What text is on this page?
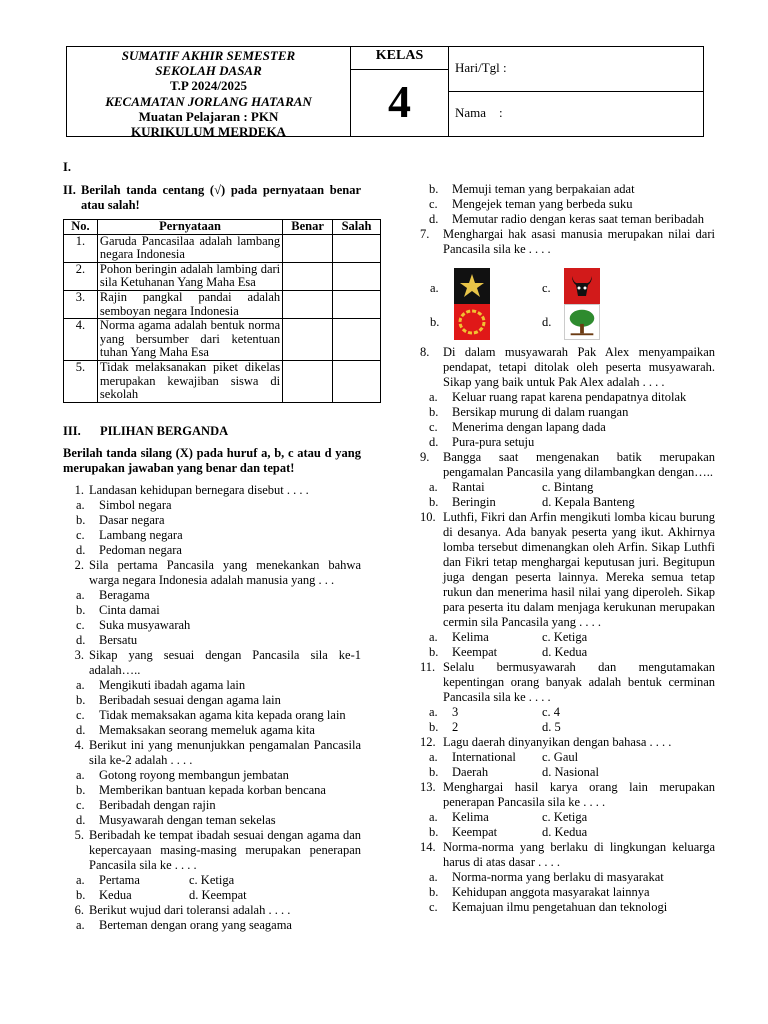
SUMATIF AKHIR SEMESTER
SEKOLAH DASAR
T.P 2024/2025
KECAMATAN JORLANG HATARAN
Muatan Pelajaran : PKN
KURIKULUM MERDEKA
KELAS
4
Hari/Tgl :
Nama    :
I.
II. Berilah tanda centang (√) pada pernyataan benar atau salah!
No.	Pernyataan	Benar	Salah
1.	Garuda Pancasilaa adalah lambang negara Indonesia		
2.	Pohon beringin adalah lambing dari sila Ketuhanan Yang Maha Esa		
3.	Rajin pangkal pandai adalah semboyan negara Indonesia		
4.	Norma agama adalah bentuk norma yang bersumber dari ketentuan tuhan Yang Maha Esa		
5.	Tidak melaksanakan piket dikelas merupakan kewajiban siswa di sekolah		
III.	PILIHAN BERGANDA
Berilah tanda silang (X) pada huruf a, b, c atau d yang merupakan jawaban yang benar dan tepat!
1. Landasan kehidupan bernegara disebut . . . .
a.	Simbol negara
b.	Dasar negara
c.	Lambang negara
d.	Pedoman negara
2. Sila pertama Pancasila yang menekankan bahwa warga negara Indonesia adalah manusia yang . . .
a.	Beragama
b.	Cinta damai
c.	Suka musyawarah
d.	Bersatu
3. Sikap yang sesuai dengan Pancasila sila ke-1 adalah…..
a.	Mengikuti ibadah agama lain
b.	Beribadah sesuai dengan agama lain
c.	Tidak memaksakan agama kita kepada orang lain
d.	Memaksakan seorang memeluk agama kita
4. Berikut ini yang menunjukkan pengamalan Pancasila sila ke-2 adalah . . . .
a.	Gotong royong membangun jembatan
b.	Memberikan bantuan kepada korban bencana
c.	Beribadah dengan rajin
d.	Musyawarah dengan teman sekelas
5. Beribadah ke tempat ibadah sesuai dengan agama dan kepercayaan masing-masing merupakan penerapan Pancasila sila ke . . . .
a.	Pertama	c. Ketiga
b.	Kedua	d. Keempat
6. Berikut wujud dari toleransi adalah . . . .
a.	Berteman dengan orang yang seagama
b.	Memuji teman yang berpakaian adat
c.	Mengejek teman yang berbeda suku
d.	Memutar radio dengan keras saat teman beribadah
7.	Menghargai hak asasi manusia merupakan nilai dari Pancasila sila ke . . . .
a.	c.
b.	d.
8.	Di dalam musyawarah Pak Alex menyampaikan pendapat, tetapi ditolak oleh peserta musyawarah. Sikap yang baik untuk Pak Alex adalah . . . .
a.	Keluar ruang rapat karena pendapatnya ditolak
b.	Bersikap murung di dalam ruangan
c.	Menerima dengan lapang dada
d.	Pura-pura setuju
9.	Bangga saat mengenakan batik merupakan pengamalan Pancasila yang dilambangkan dengan…..
a.	Rantai	c. Bintang
b.	Beringin	d. Kepala Banteng
10. Luthfi, Fikri dan Arfin mengikuti lomba kicau burung di desanya. Ada banyak peserta yang ikut. Akhirnya lomba tersebut dimenangkan oleh Arfin. Sikap Luthfi dan Fikri tetap menghargai keputusan juri. Begitupun juga dengan peserta lainnya. Mereka semua tetap rukun dan menerima hasil nilai yang diperoleh. Sikap para peserta itu dalam menjaga kerukunan merupakan cermin sila Pancasila yang . . . .
a.	Kelima	c. Ketiga
b.	Keempat	d. Kedua
11. Selalu bermusyawarah dan mengutamakan kepentingan orang banyak adalah bentuk cerminan Pancasila sila ke . . . .
a.	3	c. 4
b.	2	d. 5
12. Lagu daerah dinyanyikan dengan bahasa . . . .
a.	International	c. Gaul
b.	Daerah	d. Nasional
13. Menghargai hasil karya orang lain merupakan penerapan Pancasila sila ke . . . .
a.	Kelima	c. Ketiga
b.	Keempat	d. Kedua
14. Norma-norma yang berlaku di lingkungan keluarga harus di atas dasar . . . .
a.	Norma-norma yang berlaku di masyarakat
b.	Kehidupan anggota masyarakat lainnya
c.	Kemajuan ilmu pengetahuan dan teknologi
